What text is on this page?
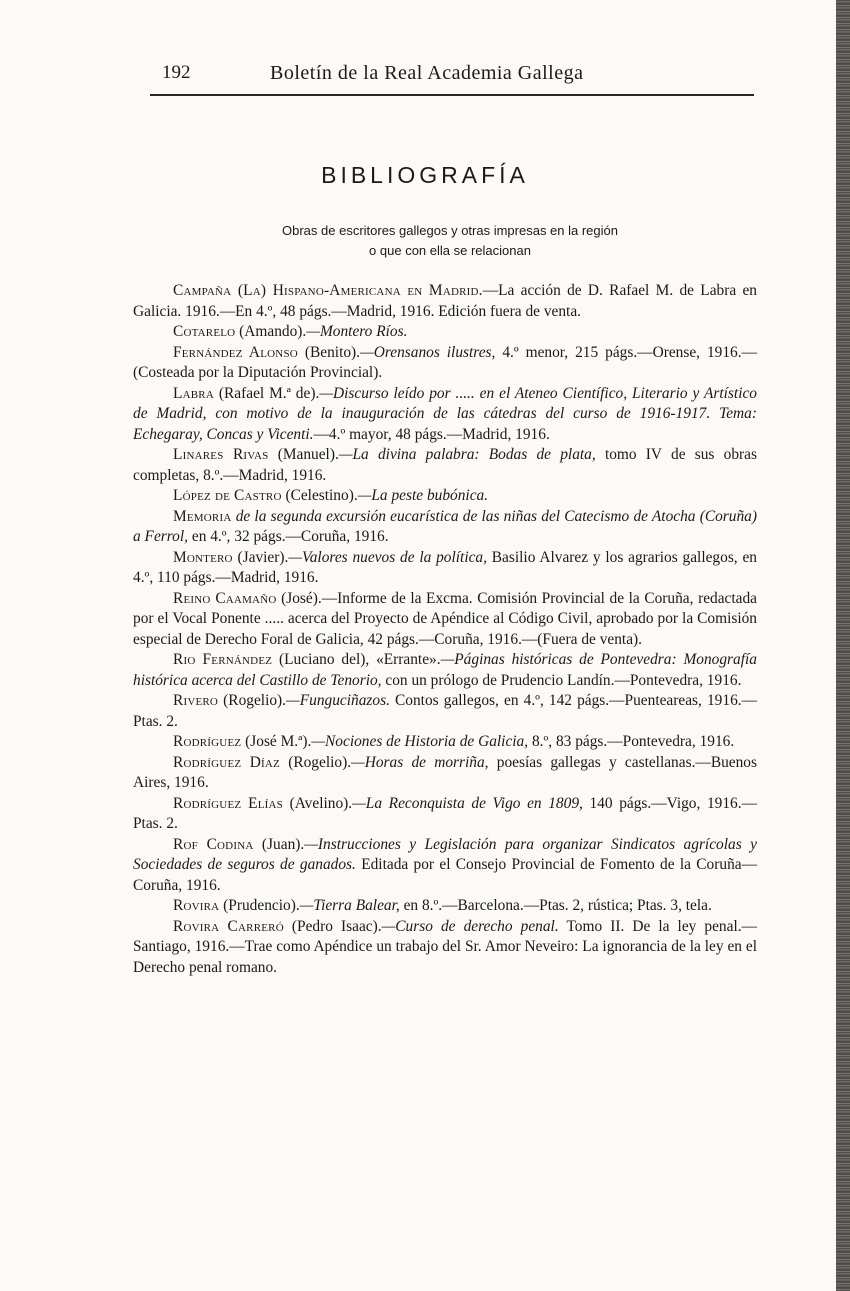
192	Boletín de la Real Academia Gallega
BIBLIOGRAFÍA
Obras de escritores gallegos y otras impresas en la región
o que con ella se relacionan

Campaña (La) Hispano-Americana en Madrid.—La acción de D. Rafael M. de Labra en Galicia. 1916.—En 4.º, 48 págs.—Madrid, 1916. Edición fuera de venta.

Cotarelo (Amando).—Montero Ríos.

Fernández Alonso (Benito).—Orensanos ilustres, 4.º menor, 215 págs.—Orense, 1916.—(Costeada por la Diputación Provincial).

Labra (Rafael M.ª de).—Discurso leído por ..... en el Ateneo Científico, Literario y Artístico de Madrid, con motivo de la inauguración de las cátedras del curso de 1916-1917. Tema: Echegaray, Concas y Vicenti.—4.º mayor, 48 págs.—Madrid, 1916.

Linares Rivas (Manuel).—La divina palabra: Bodas de plata, tomo IV de sus obras completas, 8.º.—Madrid, 1916.

López de Castro (Celestino).—La peste bubónica.

Memoria de la segunda excursión eucarística de las niñas del Catecismo de Atocha (Coruña) a Ferrol, en 4.º, 32 págs.—Coruña, 1916.

Montero (Javier).—Valores nuevos de la política, Basilio Alvarez y los agrarios gallegos, en 4.º, 110 págs.—Madrid, 1916.

Reino Caamaño (José).—Informe de la Excma. Comisión Provincial de la Coruña, redactada por el Vocal Ponente ..... acerca del Proyecto de Apéndice al Código Civil, aprobado por la Comisión especial de Derecho Foral de Galicia, 42 págs.—Coruña, 1916.—(Fuera de venta).

Rio Fernández (Luciano del), «Errante».—Páginas históricas de Pontevedra: Monografía histórica acerca del Castillo de Tenorio, con un prólogo de Prudencio Landín.—Pontevedra, 1916.

Rivero (Rogelio).—Funguciñazos. Contos gallegos, en 4.º, 142 págs.—Puenteareas, 1916.—Ptas. 2.

Rodríguez (José M.ª).—Nociones de Historia de Galicia, 8.º, 83 págs.—Pontevedra, 1916.

Rodríguez Díaz (Rogelio).—Horas de morriña, poesías gallegas y castellanas.—Buenos Aires, 1916.

Rodríguez Elías (Avelino).—La Reconquista de Vigo en 1809, 140 págs.—Vigo, 1916.—Ptas. 2.

Rof Codina (Juan).—Instrucciones y Legislación para organizar Sindicatos agrícolas y Sociedades de seguros de ganados. Editada por el Consejo Provincial de Fomento de la Coruña—Coruña, 1916.

Rovira (Prudencio).—Tierra Balear, en 8.º.—Barcelona.—Ptas. 2, rústica; Ptas. 3, tela.

Rovira Carreró (Pedro Isaac).—Curso de derecho penal. Tomo II. De la ley penal.—Santiago, 1916.—Trae como Apéndice un trabajo del Sr. Amor Neveiro: La ignorancia de la ley en el Derecho penal romano.
